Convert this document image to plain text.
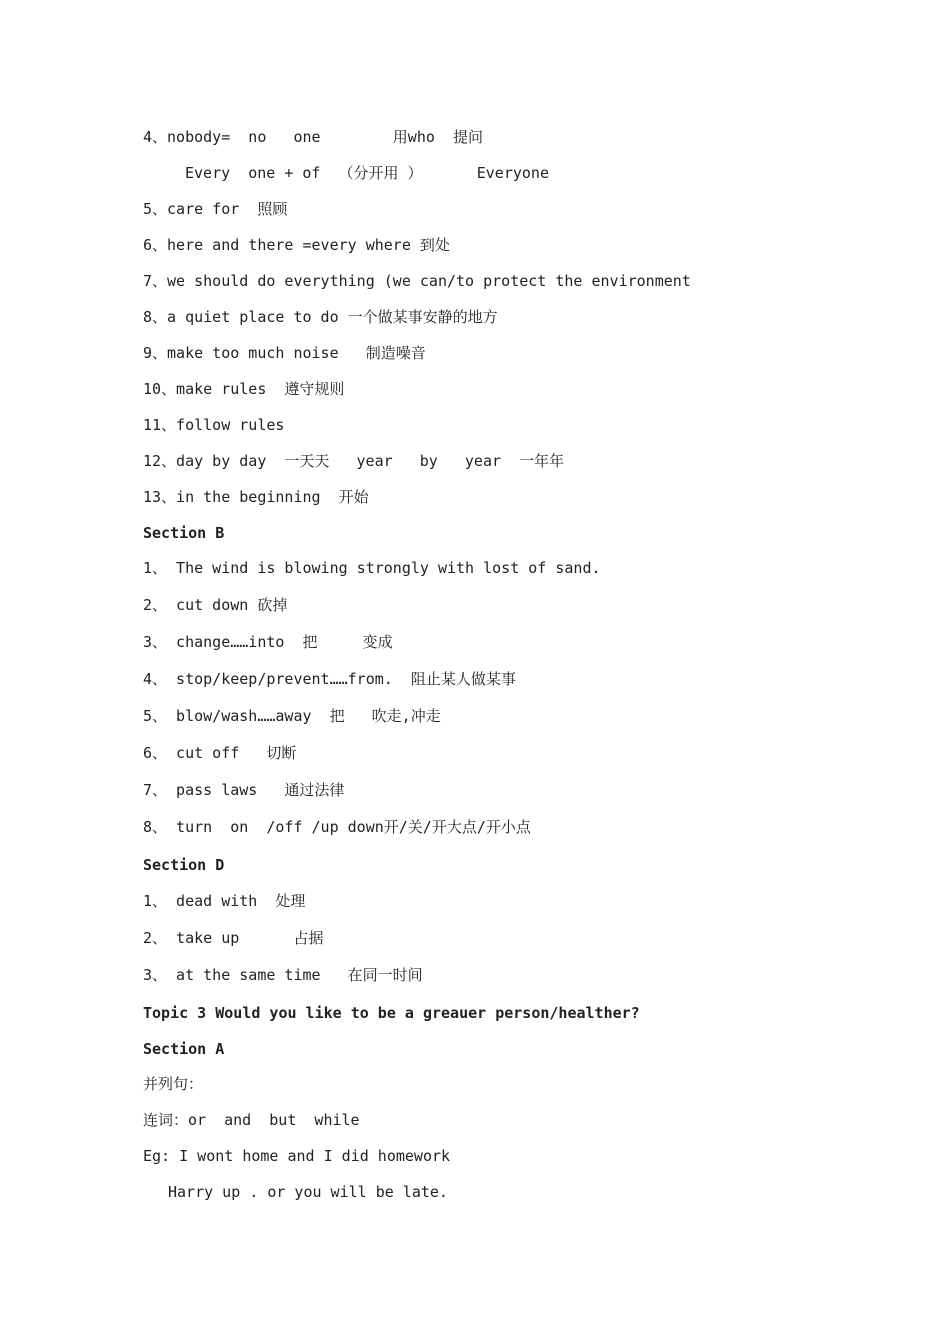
4、nobody=  no   one        用who  提问
Every  one + of  （分开用 ）      Everyone
5、care for  照顾
6、here and there =every where 到处
7、we should do everything (we can/to protect the environment
8、a quiet place to do 一个做某事安静的地方
9、make too much noise   制造噪音
10、make rules  遵守规则
11、follow rules
12、day by day  一天天   year   by   year  一年年
13、in the beginning  开始
Section B
1、 The wind is blowing strongly with lost of sand.
2、 cut down 砍掉
3、 change……into  把     变成
4、 stop/keep/prevent……from.  阻止某人做某事
5、 blow/wash……away  把   吹走,冲走
6、 cut off   切断
7、 pass laws   通过法律
8、 turn  on  /off /up down开/关/开大点/开小点
Section D
1、 dead with  处理
2、 take up      占据
3、 at the same time   在同一时间
Topic 3 Would you like to be a greauer person/healther?
Section A
并列句：
连词：or  and  but  while
Eg: I wont home and I did homework
Harry up . or you will be late.
